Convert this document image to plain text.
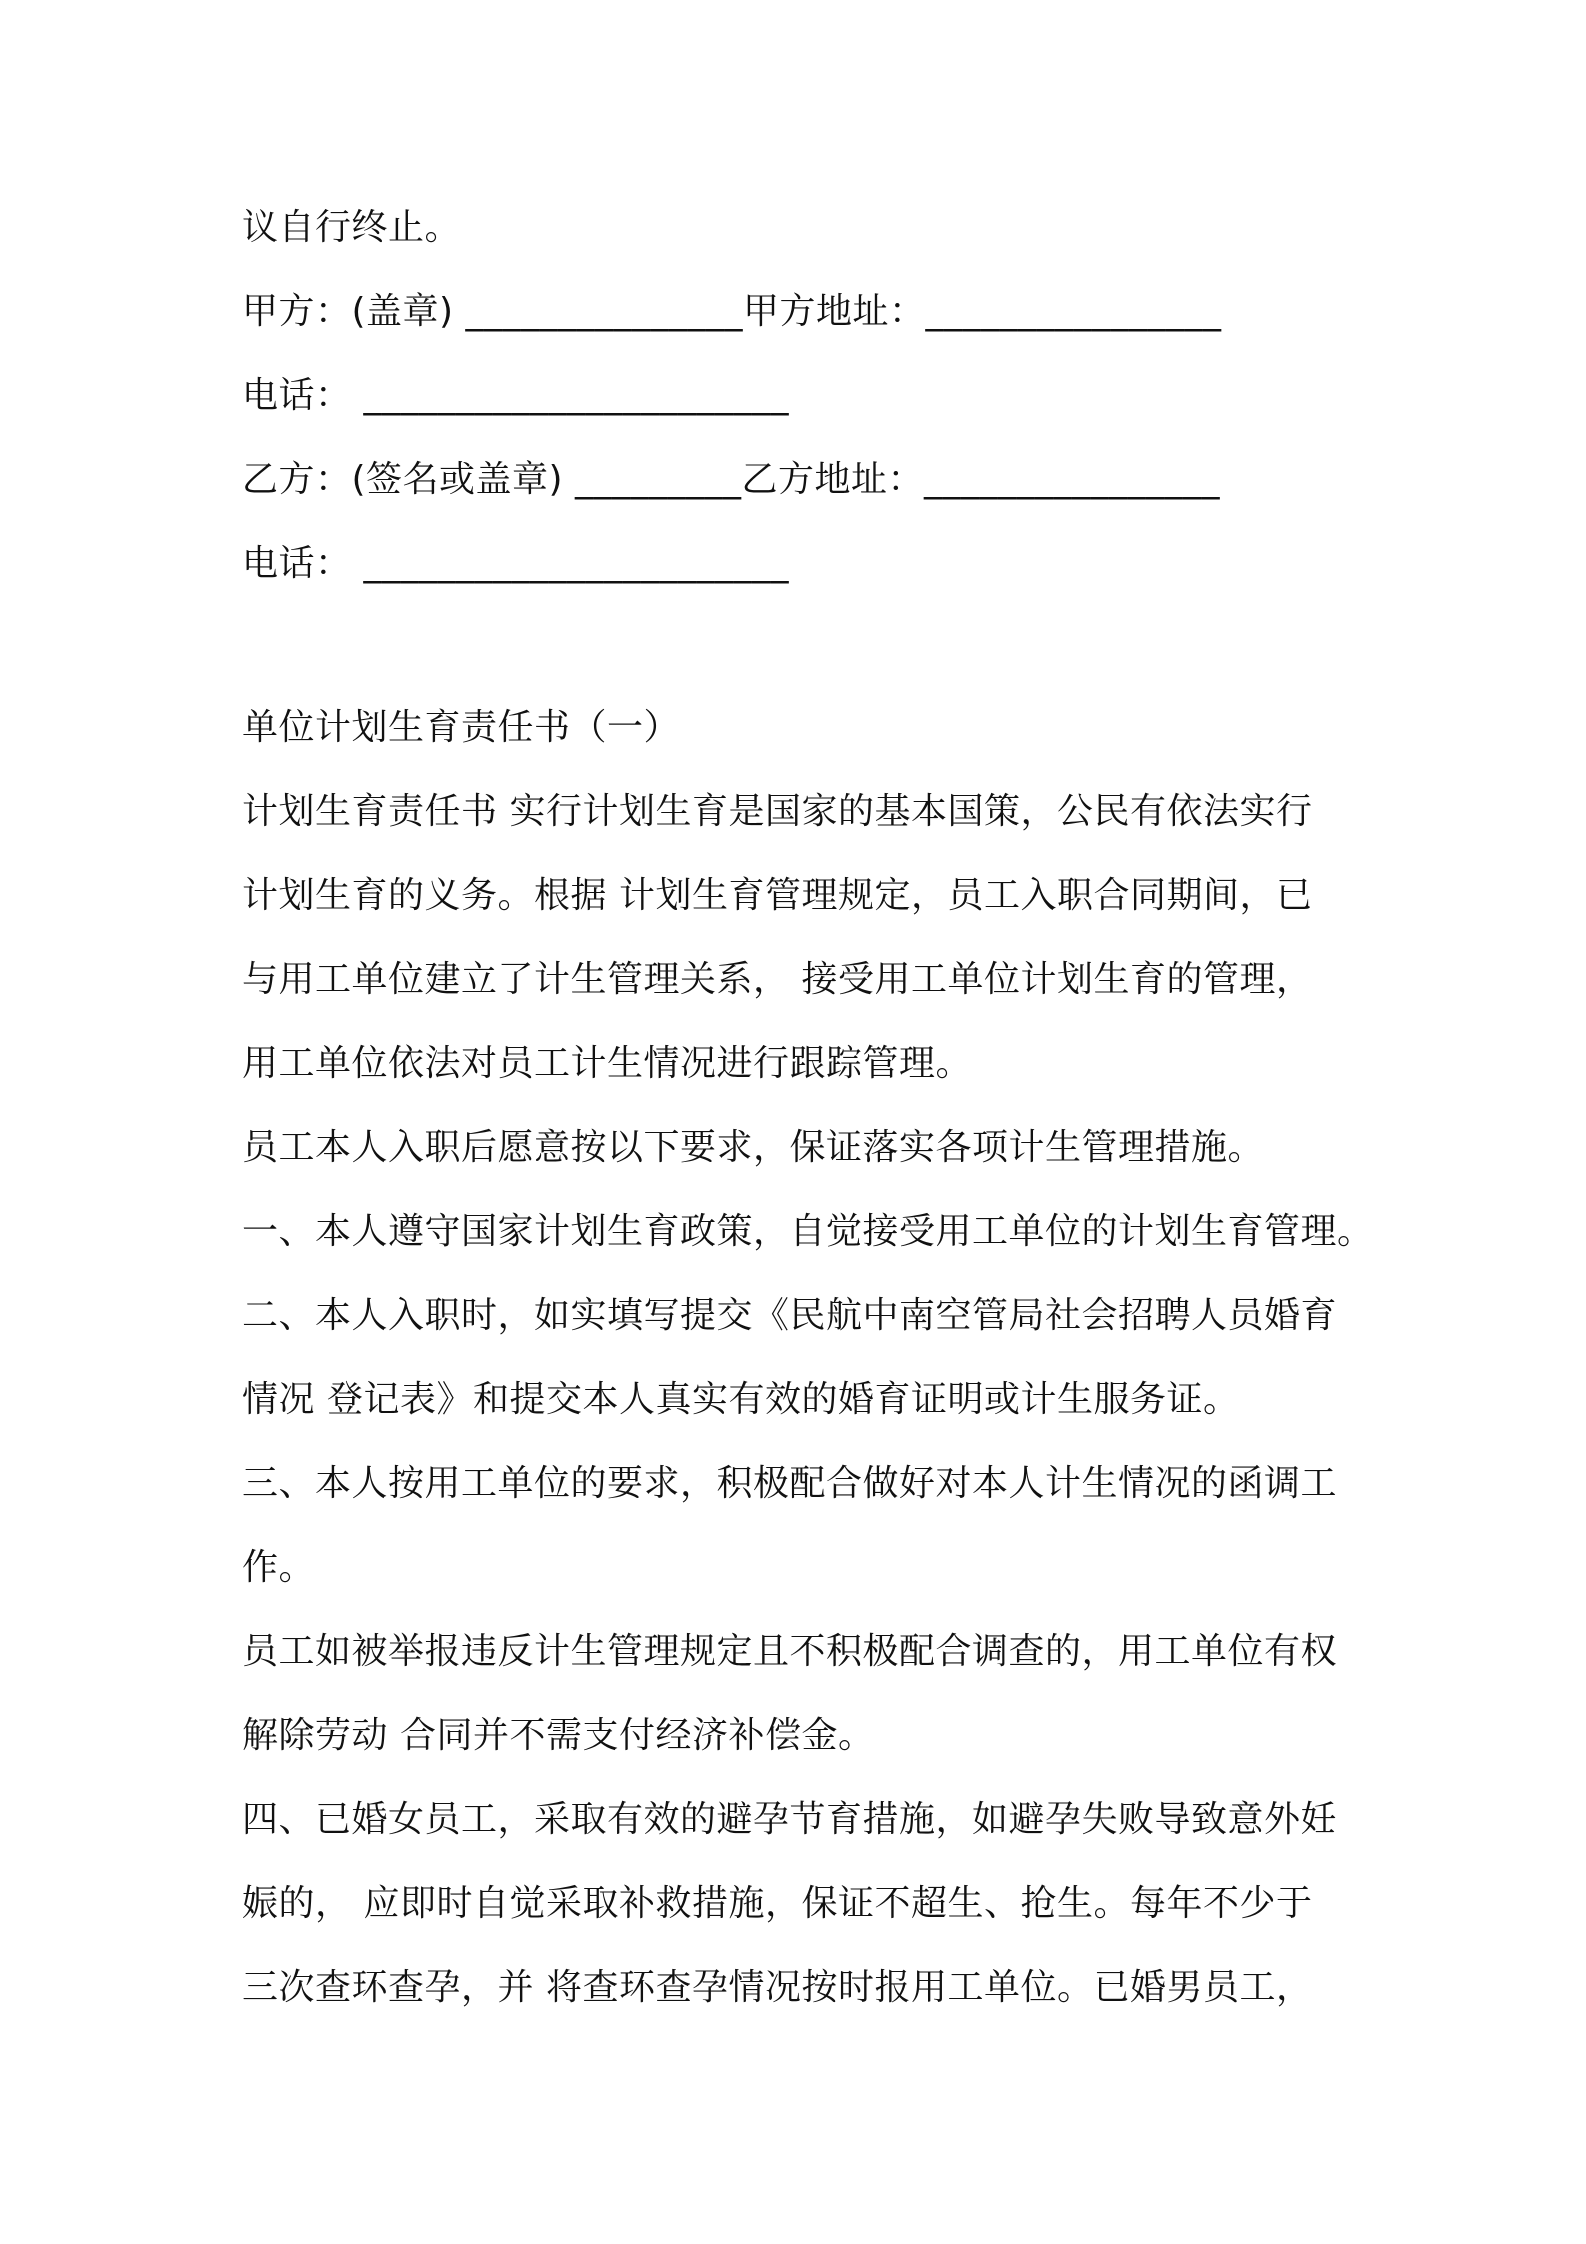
议自行终止。
甲方：(盖章) _______________甲方地址：________________
电话： _______________________
乙方：(签名或盖章) _________乙方地址：________________
电话： _______________________
单位计划生育责任书（一）
计划生育责任书 实行计划生育是国家的基本国策，公民有依法实行
计划生育的义务。根据 计划生育管理规定，员工入职合同期间，已
与用工单位建立了计生管理关系， 接受用工单位计划生育的管理，
用工单位依法对员工计生情况进行跟踪管理。
员工本人入职后愿意按以下要求，保证落实各项计生管理措施。
一、本人遵守国家计划生育政策，自觉接受用工单位的计划生育管理。
二、本人入职时，如实填写提交《民航中南空管局社会招聘人员婚育
情况 登记表》和提交本人真实有效的婚育证明或计生服务证。
三、本人按用工单位的要求，积极配合做好对本人计生情况的函调工
作。
员工如被举报违反计生管理规定且不积极配合调查的，用工单位有权
解除劳动 合同并不需支付经济补偿金。
四、已婚女员工，采取有效的避孕节育措施，如避孕失败导致意外妊
娠的， 应即时自觉采取补救措施，保证不超生、抢生。每年不少于
三次查环查孕，并 将查环查孕情况按时报用工单位。已婚男员工，
